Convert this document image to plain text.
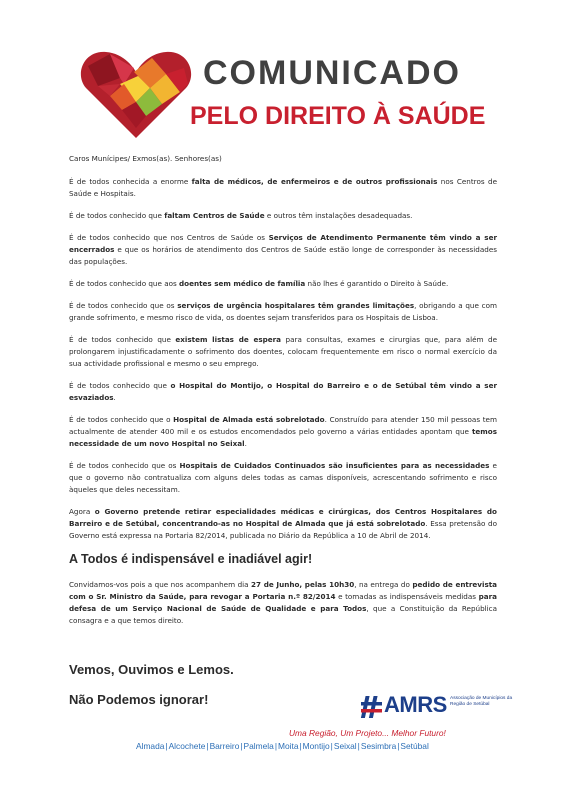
COMUNICADO
PELO DIREITO À SAÚDE

Caros Munícipes/ Exmos(as). Senhores(as)

É de todos conhecida a enorme falta de médicos, de enfermeiros e de outros profissionais nos Centros de Saúde e Hospitais.

É de todos conhecido que faltam Centros de Saúde e outros têm instalações desadequadas.

É de todos conhecido que nos Centros de Saúde os Serviços de Atendimento Permanente têm vindo a ser encerrados e que os horários de atendimento dos Centros de Saúde estão longe de corresponder às necessidades das populações.

É de todos conhecido que aos doentes sem médico de família não lhes é garantido o Direito à Saúde.

É de todos conhecido que os serviços de urgência hospitalares têm grandes limitações, obrigando a que com grande sofrimento, e mesmo risco de vida, os doentes sejam transferidos para os Hospitais de Lisboa.

É de todos conhecido que existem listas de espera para consultas, exames e cirurgias que, para além de prolongarem injustificadamente o sofrimento dos doentes, colocam frequentemente em risco o normal exercício da sua actividade profissional e mesmo o seu emprego.

É de todos conhecido que o Hospital do Montijo, o Hospital do Barreiro e o de Setúbal têm vindo a ser esvaziados.

É de todos conhecido que o Hospital de Almada está sobrelotado. Construído para atender 150 mil pessoas tem actualmente de atender 400 mil e os estudos encomendados pelo governo a várias entidades apontam que temos necessidade de um novo Hospital no Seixal.

É de todos conhecido que os Hospitais de Cuidados Continuados são insuficientes para as necessidades e que o governo não contratualiza com alguns deles todas as camas disponíveis, acrescentando sofrimento e risco àqueles que deles necessitam.

Agora o Governo pretende retirar especialidades médicas e cirúrgicas, dos Centros Hospitalares do Barreiro e de Setúbal, concentrando-as no Hospital de Almada que já está sobrelotado. Essa pretensão do Governo está expressa na Portaria 82/2014, publicada no Diário da República a 10 de Abril de 2014.

A Todos é indispensável e inadiável agir!

Convidamos-vos pois a que nos acompanhem dia 27 de Junho, pelas 10h30, na entrega do pedido de entrevista com o Sr. Ministro da Saúde, para revogar a Portaria n.º 82/2014 e tomadas as indispensáveis medidas para defesa de um Serviço Nacional de Saúde de Qualidade e para Todos, que a Constituição da República consagra e a que temos direito.

Vemos, Ouvimos e Lemos.
Não Podemos ignorar!	AMRS Associação de Municípios da Região de Setúbal
Uma Região, Um Projeto... Melhor Futuro!
Almada|Alcochete|Barreiro|Palmela|Moita|Montijo|Seixal|Sesimbra|Setúbal
